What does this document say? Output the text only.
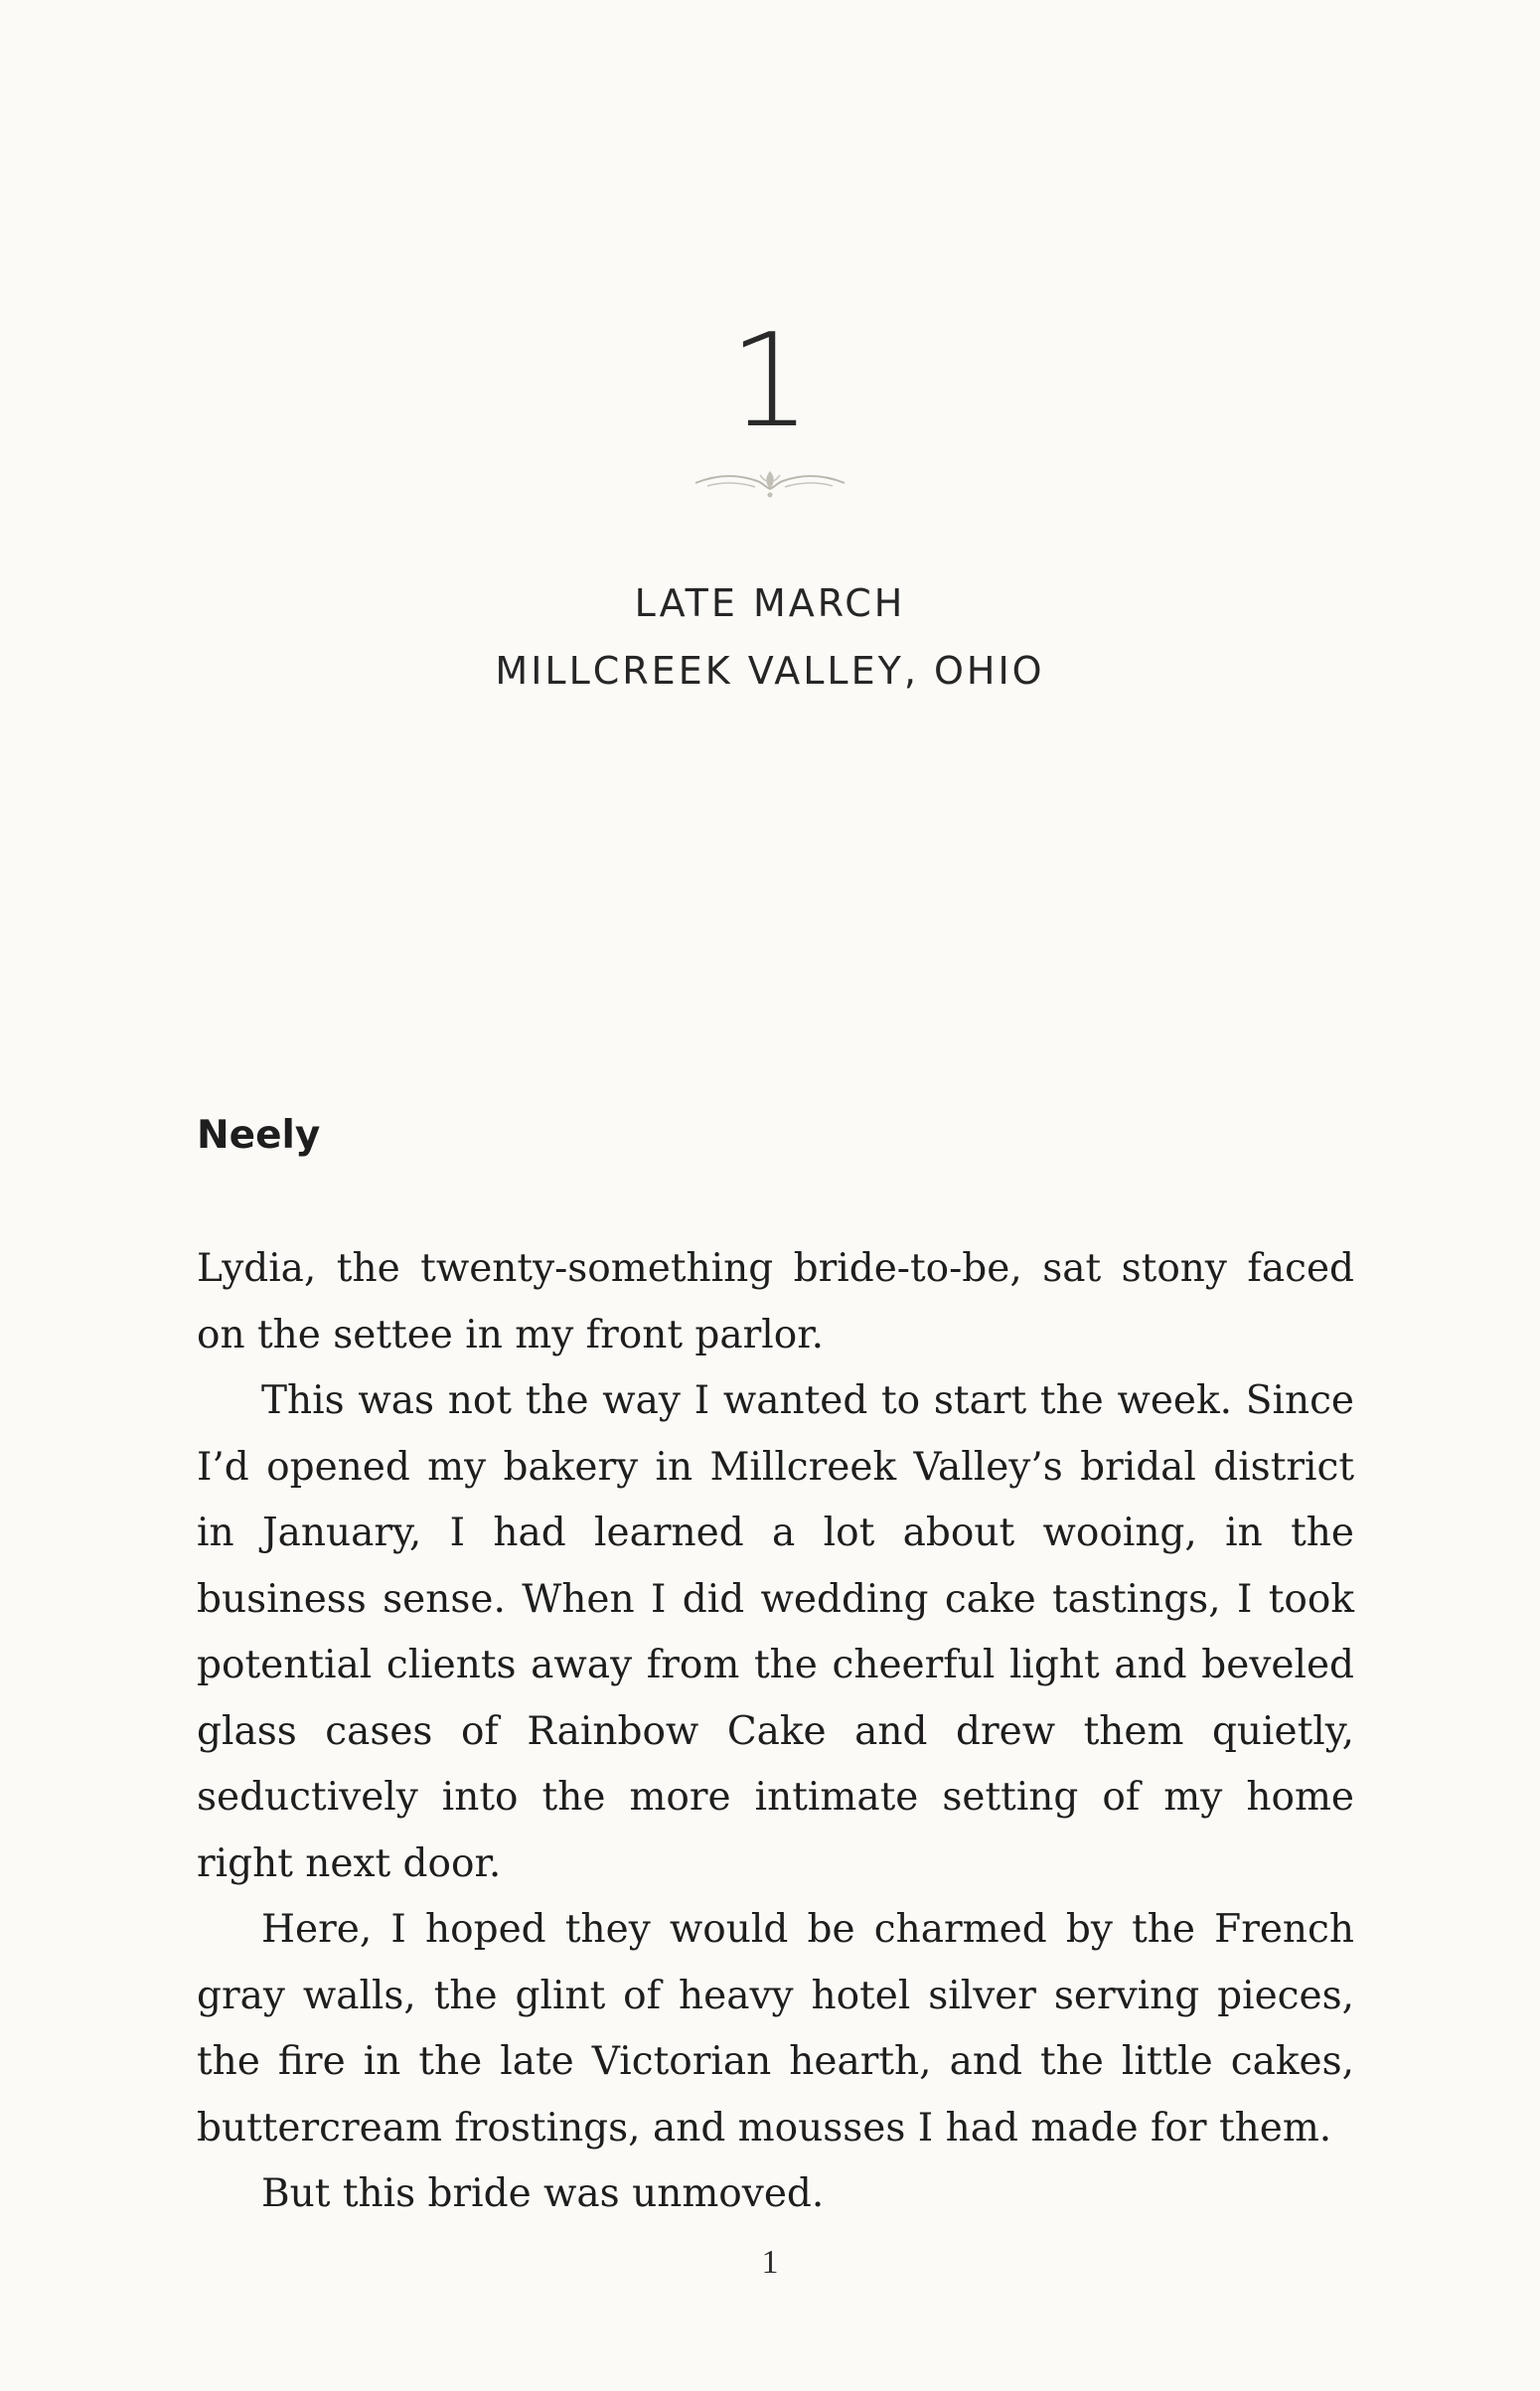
1

LATE MARCH

MILLCREEK VALLEY, OHIO

Neely

Lydia, the twenty-something bride-to-be, sat stony faced on the settee in my front parlor.

This was not the way I wanted to start the week. Since I’d opened my bakery in Millcreek Valley’s bridal district in January, I had learned a lot about wooing, in the business sense. When I did wedding cake tastings, I took potential clients away from the cheerful light and beveled glass cases of Rainbow Cake and drew them quietly, seductively into the more intimate setting of my home right next door.

Here, I hoped they would be charmed by the French gray walls, the glint of heavy hotel silver serving pieces, the fire in the late Victorian hearth, and the little cakes, buttercream frostings, and mousses I had made for them.

But this bride was unmoved.

1
